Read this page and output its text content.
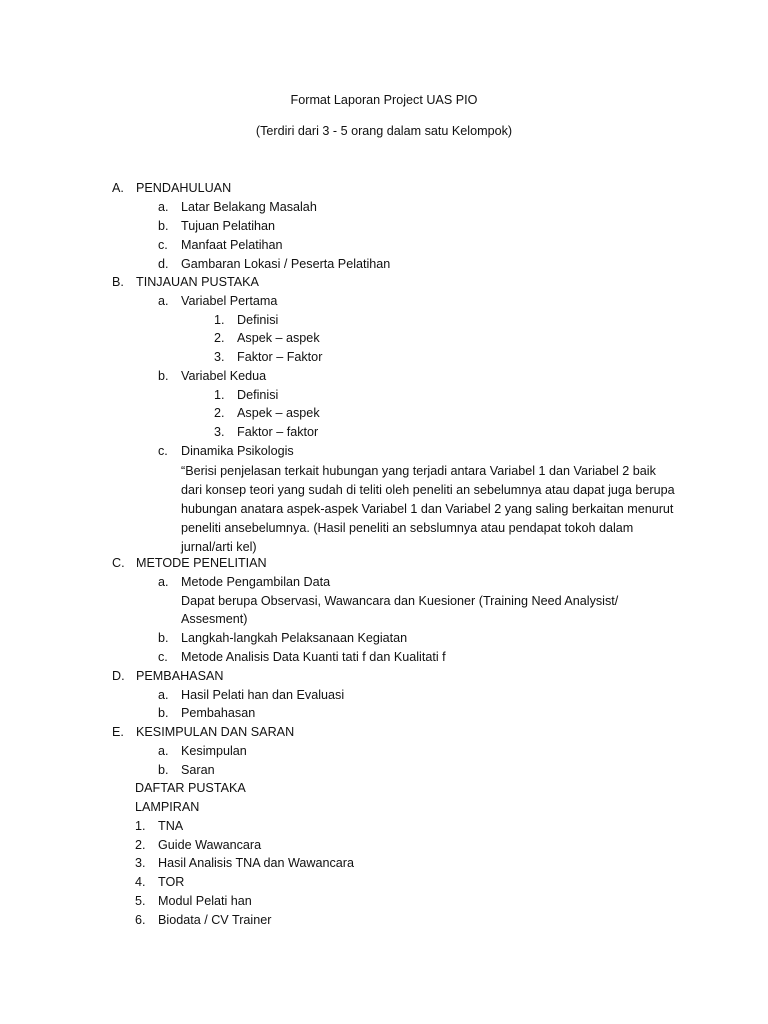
Format Laporan Project UAS PIO
(Terdiri dari 3 - 5 orang dalam satu Kelompok)
A. PENDAHULUAN
a. Latar Belakang Masalah
b. Tujuan Pelatihan
c. Manfaat Pelatihan
d. Gambaran Lokasi / Peserta Pelatihan
B. TINJAUAN PUSTAKA
a. Variabel Pertama
1. Definisi
2. Aspek – aspek
3. Faktor – Faktor
b. Variabel Kedua
1. Definisi
2. Aspek – aspek
3. Faktor – faktor
c. Dinamika Psikologis
“Berisi penjelasan terkait hubungan yang terjadi antara Variabel 1 dan Variabel 2 baik
dari konsep teori yang sudah di teliti oleh peneliti an sebelumnya atau dapat juga berupa
hubungan anatara aspek-aspek Variabel 1 dan Variabel 2 yang saling berkaitan menurut
peneliti ansebelumnya. (Hasil peneliti an sebslumnya atau pendapat tokoh dalam
jurnal/arti kel)
C. METODE PENELITIAN
a. Metode Pengambilan Data
Dapat berupa Observasi, Wawancara dan Kuesioner (Training Need Analysist/
Assesment)
b. Langkah-langkah Pelaksanaan Kegiatan
c. Metode Analisis Data Kuanti tati f dan Kualitati f
D. PEMBAHASAN
a. Hasil Pelati han dan Evaluasi
b. Pembahasan
E. KESIMPULAN DAN SARAN
a. Kesimpulan
b. Saran
DAFTAR PUSTAKA
LAMPIRAN
1. TNA
2. Guide Wawancara
3. Hasil Analisis TNA dan Wawancara
4. TOR
5. Modul Pelati han
6. Biodata / CV Trainer
